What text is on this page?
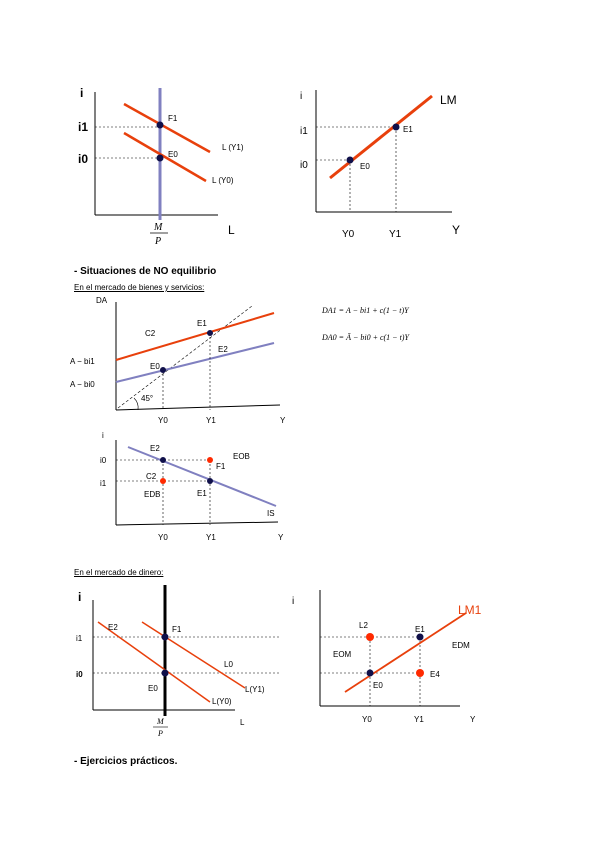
- Situaciones de NO equilibrio
En el mercado de bienes y servicios:
En el mercado de dinero:
- Ejercicios prácticos.
i
i1
i0
F1
E0
L (Y1)
L (Y0)
L
M
P
i
i1
i0
LM
E1
E0
Y0	Y1	Y
DA
A − bi1
A − bi0
45°
C2
E1
E2
E0
Y0	Y1	Y
DA1 = A − bi1 + c(1 − t)Y
DA0 = Ā − bi0 + c(1 − t)Y
i
i0
i1
E2
C2
F1
E1
EOB
EDB
IS
Y0	Y1	Y
i
i1
i0
E2	F1
E0
L0
L(Y1)
L(Y0)
L
M
P
i
EOM
EDM
L2	E1
E0
E4
LM1
Y0	Y1	Y
